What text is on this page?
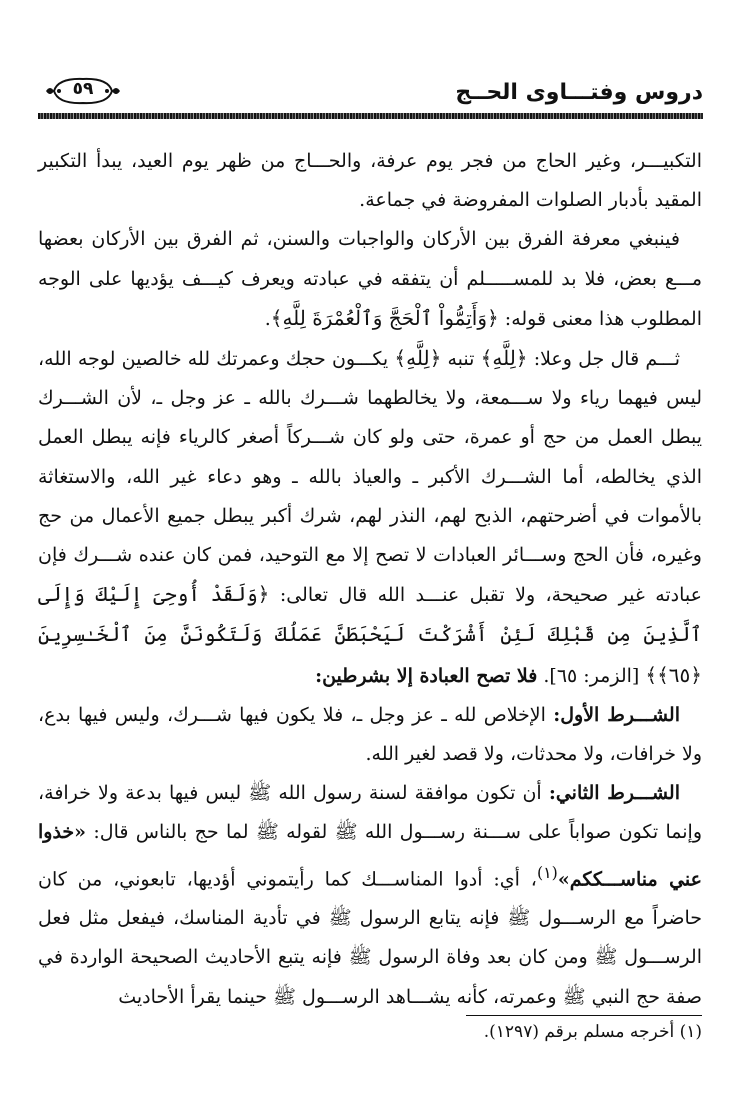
٥٩	دروس وفتـــاوى الحــج

التكبيـــر، وغير الحاج من فجر يوم عرفة، والحـــاج من ظهر يوم العيد، يبدأ التكبير المقيد بأدبار الصلوات المفروضة في جماعة.

فينبغي معرفة الفرق بين الأركان والواجبات والسنن، ثم الفرق بين الأركان بعضها مـــع بعض، فلا بد للمســـــلم أن يتفقه في عبادته ويعرف كيـــف يؤديها على الوجه المطلوب هذا معنى قوله: ﴿وَأَتِمُّواْ ٱلْحَجَّ وَٱلْعُمْرَةَ لِلَّهِ﴾.

ثـــم قال جل وعلا: ﴿لِلَّهِ﴾ تنبه ﴿لِلَّهِ﴾ يكـــون حجك وعمرتك لله خالصين لوجه الله، ليس فيهما رياء ولا ســـمعة، ولا يخالطهما شـــرك بالله ـ عز وجل ـ، لأن الشـــرك يبطل العمل من حج أو عمرة، حتى ولو كان شـــركاً أصغر كالرياء فإنه يبطل العمل الذي يخالطه، أما الشـــرك الأكبر ـ والعياذ بالله ـ وهو دعاء غير الله، والاستغاثة بالأموات في أضرحتهم، الذبح لهم، النذر لهم، شرك أكبر يبطل جميع الأعمال من حج وغيره، فأن الحج وســـائر العبادات لا تصح إلا مع التوحيد، فمن كان عنده شـــرك فإن عبادته غير صحيحة، ولا تقبل عنـــد الله قال تعالى: ﴿وَلَقَدْ أُوحِىَ إِلَيْكَ وَإِلَى ٱلَّذِينَ مِن قَبْلِكَ لَئِنْ أَشْرَكْتَ لَيَحْبَطَنَّ عَمَلُكَ وَلَتَكُونَنَّ مِنَ ٱلْخَـٰسِرِينَ ﴿٦٥﴾﴾ [الزمر: ٦٥]. فلا تصح العبادة إلا بشرطين:

الشـــرط الأول: الإخلاص لله ـ عز وجل ـ، فلا يكون فيها شـــرك، وليس فيها بدع، ولا خرافات، ولا محدثات، ولا قصد لغير الله.

الشـــرط الثاني: أن تكون موافقة لسنة رسول الله ﷺ ليس فيها بدعة ولا خرافة، وإنما تكون صواباً على ســـنة رســـول الله ﷺ لقوله ﷺ لما حج بالناس قال: «خذوا عني مناســـككم»$^{(١)}$، أي: أدوا المناســـك كما رأيتموني أؤديها، تابعوني، من كان حاضراً مع الرســـول ﷺ فإنه يتابع الرسول ﷺ في تأدية المناسك، فيفعل مثل فعل الرســـول ﷺ ومن كان بعد وفاة الرسول ﷺ فإنه يتبع الأحاديث الصحيحة الواردة في صفة حج النبي ﷺ وعمرته، كأنه يشـــاهد الرســـول ﷺ حينما يقرأ الأحاديث

(١) أخرجه مسلم برقم (١٢٩٧).
